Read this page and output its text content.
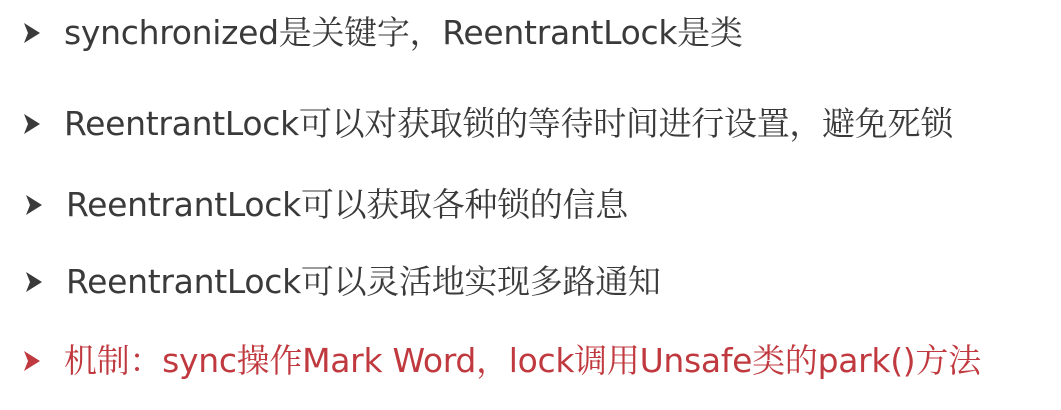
synchronized是关键字，ReentrantLock是类
ReentrantLock可以对获取锁的等待时间进行设置，避免死锁
ReentrantLock可以获取各种锁的信息
ReentrantLock可以灵活地实现多路通知
机制：sync操作Mark Word，lock调用Unsafe类的park()方法
